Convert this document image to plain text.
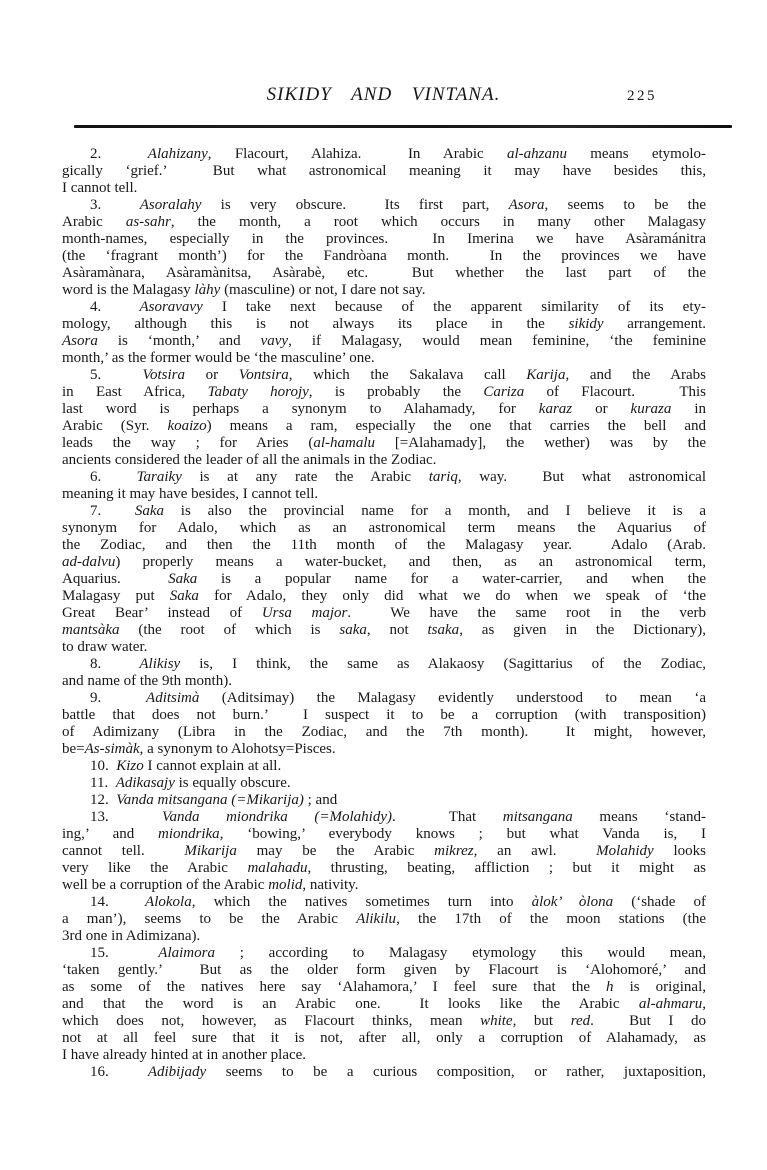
SIKIDY AND VINTANA.	225
2.  Alahizany, Flacourt, Alahiza.  In Arabic al-ahzanu means etymolo-
gically ‘grief.’  But what astronomical meaning it may have besides this,
I cannot tell.
3.  Asoralahy is very obscure.  Its first part, Asora, seems to be the
Arabic as-sahr, the month, a root which occurs in many other Malagasy
month-names, especially in the provinces.  In Imerina we have Asàramánitra
(the ‘fragrant month’) for the Fandròana month.  In the provinces we have
Asàramànara, Asàramànitsa, Asàrabè, etc.  But whether the last part of the
word is the Malagasy làhy (masculine) or not, I dare not say.
4.  Asoravavy I take next because of the apparent similarity of its ety-
mology, although this is not always its place in the sikidy arrangement.
Asora is ‘month,’ and vavy, if Malagasy, would mean feminine, ‘the feminine
month,’ as the former would be ‘the masculine’ one.
5.  Votsira or Vontsira, which the Sakalava call Karija, and the Arabs
in East Africa, Tabaty horojy, is probably the Cariza of Flacourt.  This
last word is perhaps a synonym to Alahamady, for karaz or kuraza in
Arabic (Syr. koaizo) means a ram, especially the one that carries the bell and
leads the way ; for Aries (al-hamalu [=Alahamady], the wether) was by the
ancients considered the leader of all the animals in the Zodiac.
6.  Taraiky is at any rate the Arabic tariq, way.  But what astronomical
meaning it may have besides, I cannot tell.
7.  Saka is also the provincial name for a month, and I believe it is a
synonym for Adalo, which as an astronomical term means the Aquarius of
the Zodiac, and then the 11th month of the Malagasy year.  Adalo (Arab.
ad-dalvu) properly means a water-bucket, and then, as an astronomical term,
Aquarius.  Saka is a popular name for a water-carrier, and when the
Malagasy put Saka for Adalo, they only did what we do when we speak of ‘the
Great Bear’ instead of Ursa major.  We have the same root in the verb
mantsàka (the root of which is saka, not tsaka, as given in the Dictionary),
to draw water.
8.  Alikisy is, I think, the same as Alakaosy (Sagittarius of the Zodiac,
and name of the 9th month).
9.  Aditsimà (Aditsimay) the Malagasy evidently understood to mean ‘a
battle that does not burn.’  I suspect it to be a corruption (with transposition)
of Adimizany (Libra in the Zodiac, and the 7th month).  It might, however,
be=As-simàk, a synonym to Alohotsy=Pisces.
10.  Kizo I cannot explain at all.
11.  Adikasajy is equally obscure.
12.  Vanda mitsangana (=Mikarija) ; and
13.  Vanda miondrika (=Molahidy).  That mitsangana means ‘stand-
ing,’ and miondrika, ‘bowing,’ everybody knows ; but what Vanda is, I
cannot tell.  Mikarija may be the Arabic mikrez, an awl.  Molahidy looks
very like the Arabic malahadu, thrusting, beating, affliction ; but it might as
well be a corruption of the Arabic molid, nativity.
14.  Alokola, which the natives sometimes turn into àlok’ òlona (‘shade of
a man’), seems to be the Arabic Alikilu, the 17th of the moon stations (the
3rd one in Adimizana).
15.  Alaimora ; according to Malagasy etymology this would mean,
‘taken gently.’  But as the older form given by Flacourt is ‘Alohomoré,’ and
as some of the natives here say ‘Alahamora,’ I feel sure that the h is original,
and that the word is an Arabic one.  It looks like the Arabic al-ahmaru,
which does not, however, as Flacourt thinks, mean white, but red.  But I do
not at all feel sure that it is not, after all, only a corruption of Alahamady, as
I have already hinted at in another place.
16.  Adibijady seems to be a curious composition, or rather, juxtaposition,
